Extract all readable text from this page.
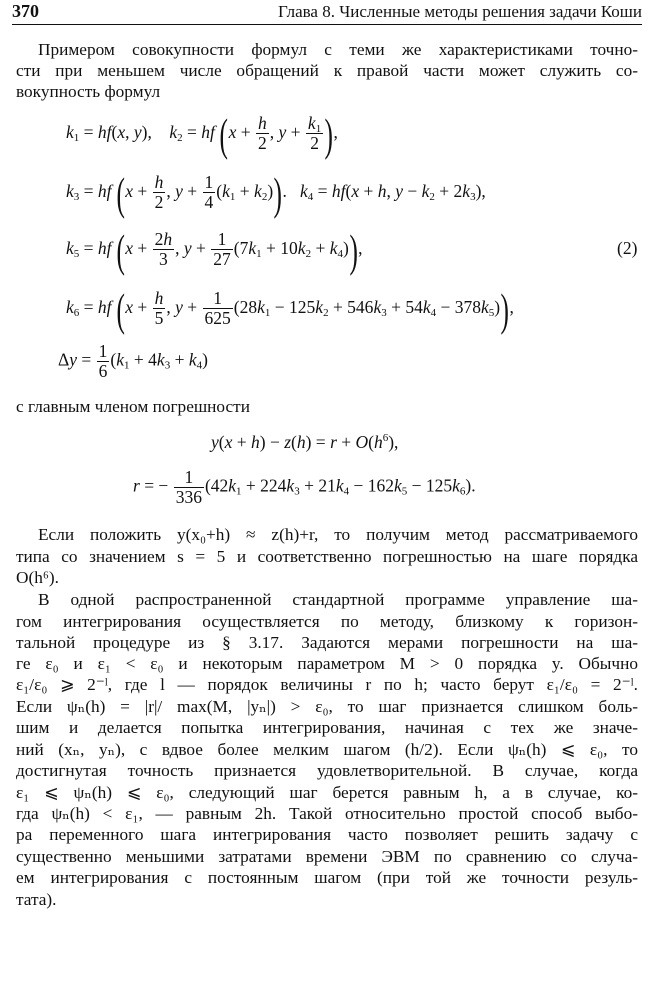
370	Глава 8. Численные методы решения задачи Коши
Примером совокупности формул с теми же характеристиками точно-
сти при меньшем числе обращений к правой части может служить со-
вокупность формул
$k_1 = hf(x$, y),    $k_2$ = hf ($x + \frac{h}{2}$ , $y + \frac{k_1}{2}$ ),
$k_3$ = hf ($x + \frac{h}{2}$ , $y + \frac{1}{4} (k_1 + k_2)$).   $k_4 = hf(x + h$, $y - k_2 + 2k_3$),
$k_5$ = hf ($x + \frac{2h}{3}$ , $y + \frac{1}{27} (7k_1 + 10k_2 + k_4)$),	(2)
$k_6$ = hf ($x + \frac{h}{5}$ , $y + \frac{1}{625} (28k_1 - 125k_2 + 546k_3 + 54k_4 - 378k_5)$),
$\Delta y = \frac{1}{6} (k_1 + 4k_3 + k_4)$
с главным членом погрешности
$y(x + h) - z(h) = r + O(h^6)$,
r = − $\frac{1}{336} (42k_1 + 224k_3 + 21k_4 - 162k_5 - 125k_6)$.
Если положить y(x₀+h) ≈ z(h)+r, то получим метод рассматриваемого
типа со значением s = 5 и соответственно погрешностью на шаге порядка
O(h⁶).
В одной распространенной стандартной программе управление ша-
гом интегрирования осуществляется по методу, близкому к горизон-
тальной процедуре из § 3.17. Задаются мерами погрешности на ша-
ге ε₀ и ε₁ < ε₀ и некоторым параметром M > 0 порядка y. Обычно
ε₁/ε₀ ⩾ 2⁻ˡ, где l — порядок величины r по h; часто берут ε₁/ε₀ = 2⁻ˡ.
Если ψₙ(h) = |r|/ max(M, |yₙ|) > ε₀, то шаг признается слишком боль-
шим и делается попытка интегрирования, начиная с тех же значе-
ний (xₙ, yₙ), с вдвое более мелким шагом (h/2). Если ψₙ(h) ⩽ ε₀, то
достигнутая точность признается удовлетворительной. В случае, когда
ε₁ ⩽ ψₙ(h) ⩽ ε₀, следующий шаг берется равным h, а в случае, ко-
гда ψₙ(h) < ε₁, — равным 2h. Такой относительно простой способ выбо-
ра переменного шага интегрирования часто позволяет решить задачу с
существенно меньшими затратами времени ЭВМ по сравнению со случа-
ем интегрирования с постоянным шагом (при той же точности резуль-
тата).
